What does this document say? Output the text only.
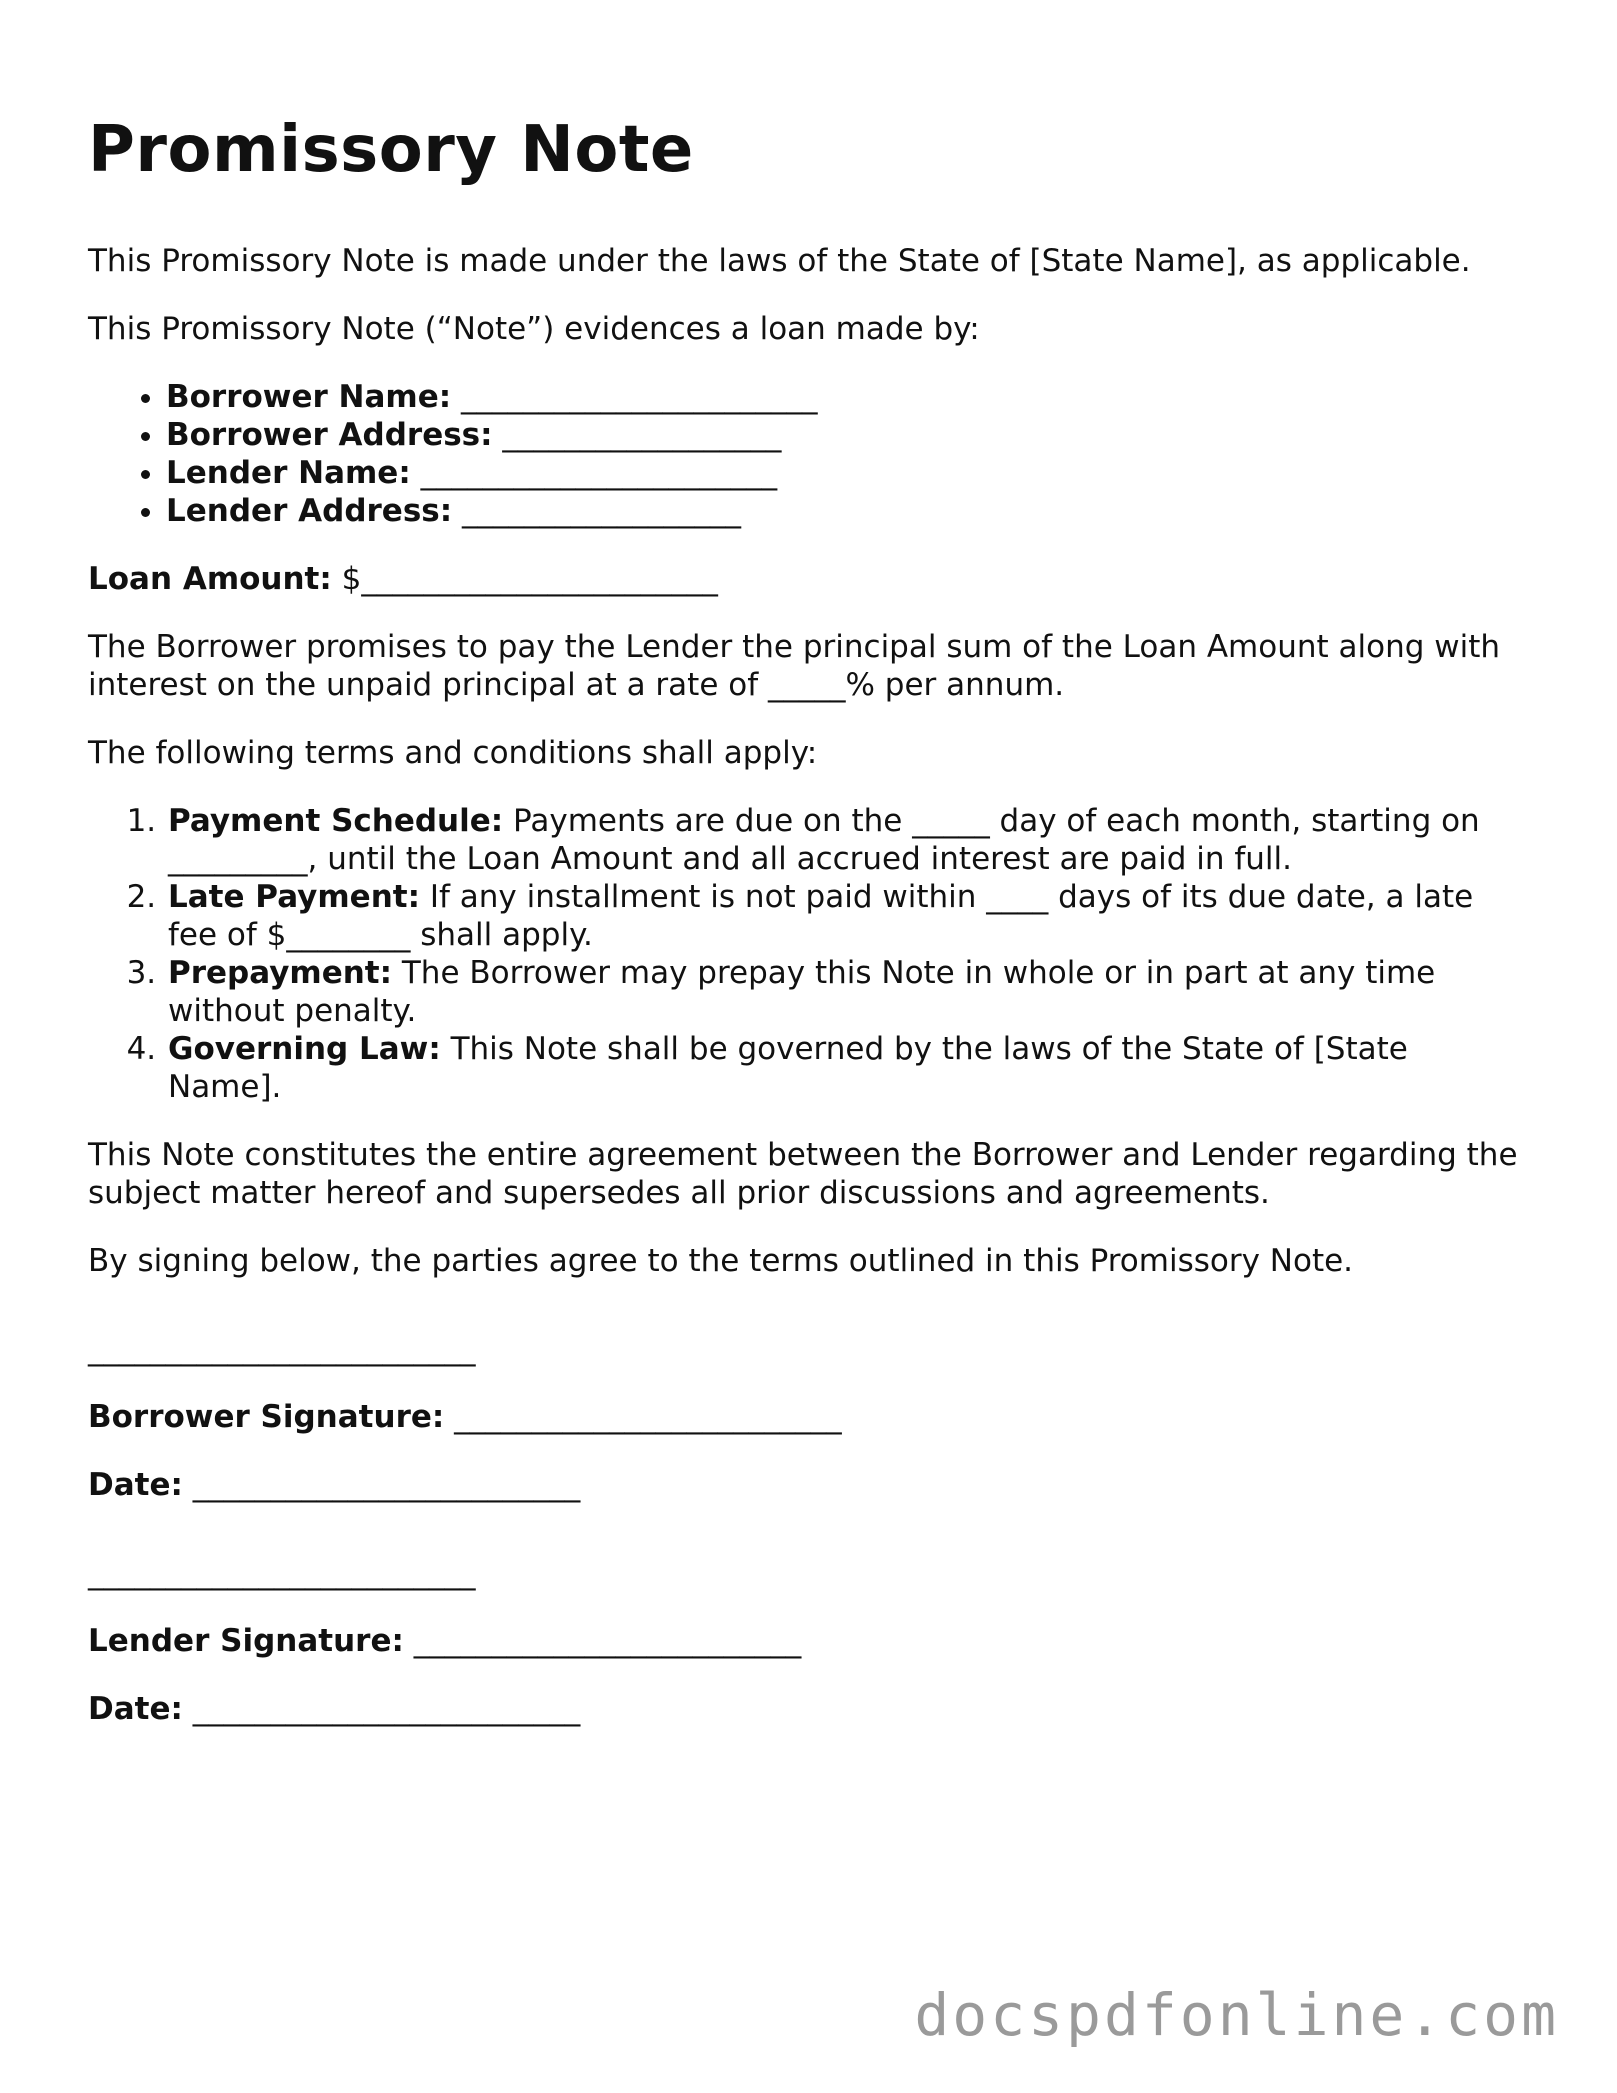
Promissory Note

This Promissory Note is made under the laws of the State of [State Name], as applicable.

This Promissory Note (“Note”) evidences a loan made by:

• Borrower Name: _______________________
• Borrower Address: __________________
• Lender Name: _______________________
• Lender Address: __________________

Loan Amount: $_______________________

The Borrower promises to pay the Lender the principal sum of the Loan Amount along with interest on the unpaid principal at a rate of _____% per annum.

The following terms and conditions shall apply:

1. Payment Schedule: Payments are due on the _____ day of each month, starting on _________, until the Loan Amount and all accrued interest are paid in full.
2. Late Payment: If any installment is not paid within ____ days of its due date, a late fee of $________ shall apply.
3. Prepayment: The Borrower may prepay this Note in whole or in part at any time without penalty.
4. Governing Law: This Note shall be governed by the laws of the State of [State Name].

This Note constitutes the entire agreement between the Borrower and Lender regarding the subject matter hereof and supersedes all prior discussions and agreements.

By signing below, the parties agree to the terms outlined in this Promissory Note.

_________________________

Borrower Signature: _________________________

Date: _________________________

_________________________

Lender Signature: _________________________

Date: _________________________

docspdfonline.com
